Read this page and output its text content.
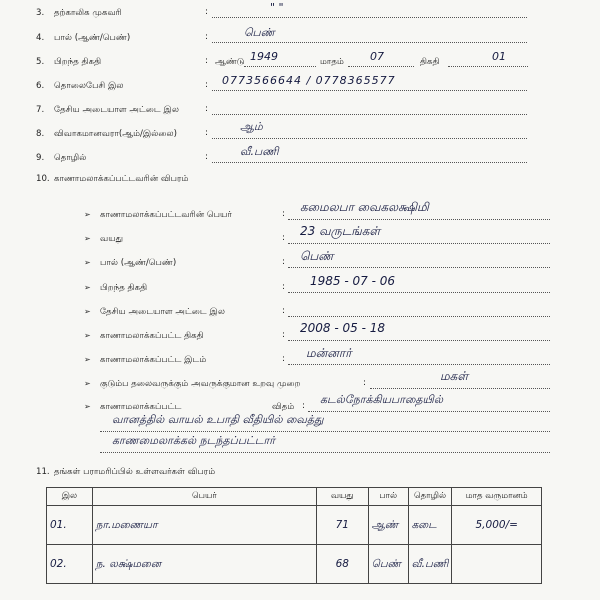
3. தற்காலிக முகவரி	:	" "
4. பால் (ஆண்/பெண்)	:	பெண்
5. பிறந்த திகதி	: ஆண்டு 1949	மாதம் 07	திகதி	01
6. தொலைபேசி இல	: 0773566644 / 0778365577
7. தேசிய அடையாள அட்டை இல	:
8. விவாகமானவரா(ஆம்/இல்லை)	:	ஆம்
9. தொழில்	:	வீ.பணி
10. காணாமலாக்கப்பட்டவரின் விபரம்
➢ காணாமலாக்கப்பட்டவரின் பெயர்	: கமைலபா வைகலக்ஷிமி
➢ வயது	: 23 வருடங்கள்
➢ பால் (ஆண்/பெண்)	: பெண்
➢ பிறந்த திகதி	: 1985 - 07 - 06
➢ தேசிய அடையாள அட்டை இல	:
➢ காணாமலாக்கப்பட்ட திகதி	: 2008 - 05 - 18
➢ காணாமலாக்கப்பட்ட இடம்	: மன்னார்
➢ குடும்ப தலைவருக்கும் அவருக்குமான உறவு முறை	:	மகள்
➢ காணாமலாக்கப்பட்ட	விதம் : கடல்நோக்கியபாதையில்
வானத்தில் வாயல் உபாதி வீதியில் வைத்து
காணமைலாக்கல் நடந்தப்பட்டார்
11. தங்கள் பராமரிப்பில் உள்ளவர்கள் விபரம்
இல	பெயர்	வயது	பால்	தொழில்	மாத வருமானம்
01.	நா.மணையா	71	ஆண்	கடை	5,000/=
02.	ந. லக்ஷ்மனை	68	பெண்	வீ.பணி	
